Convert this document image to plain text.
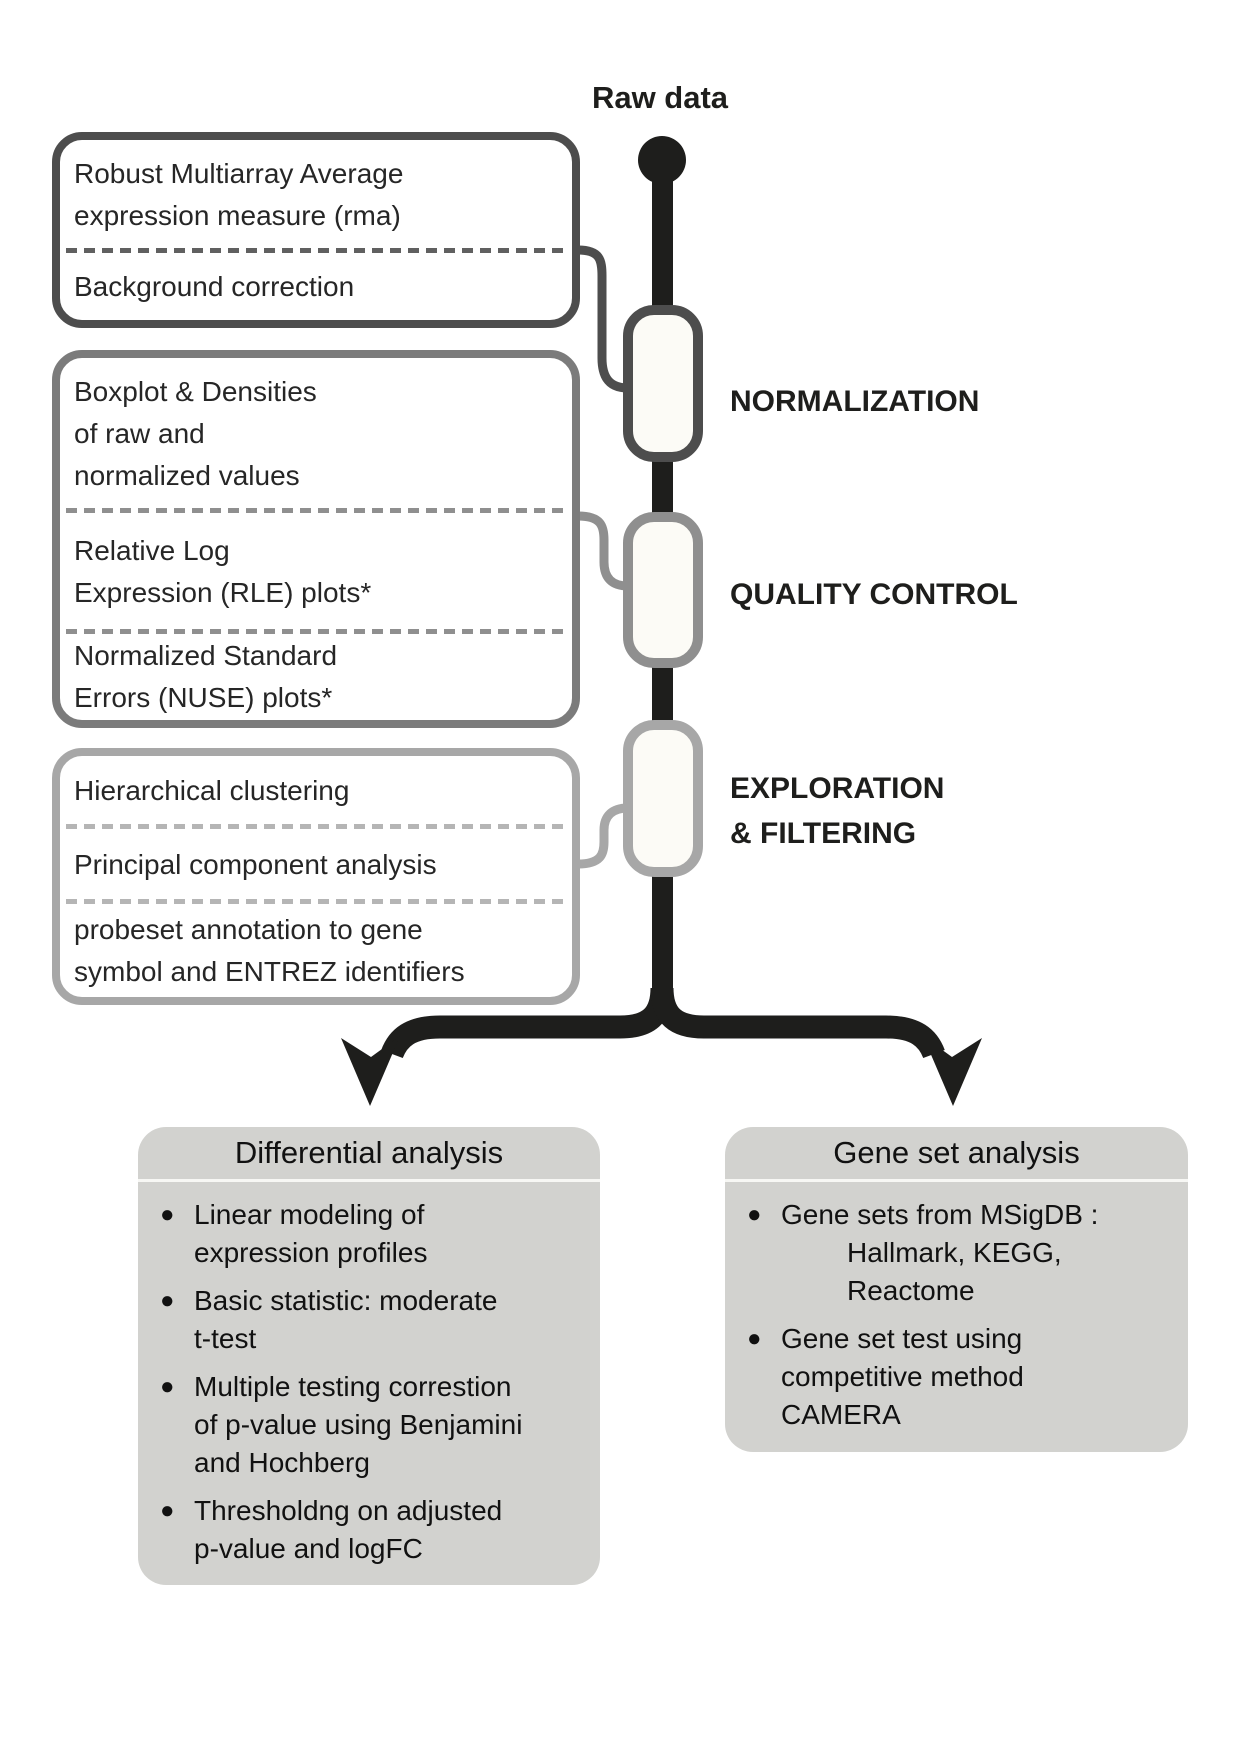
Raw data
NORMALIZATION
QUALITY CONTROL
EXPLORATION
& FILTERING
Robust Multiarray Average
expression measure (rma)
Background correction
Boxplot & Densities
of raw and
normalized values
Relative Log
Expression (RLE) plots*
Normalized Standard
Errors (NUSE) plots*
Hierarchical clustering
Principal component analysis
probeset annotation to gene
symbol and ENTREZ identifiers
Differential analysis
● Linear modeling of
expression profiles
● Basic statistic: moderate
t-test
● Multiple testing correstion
of p-value using Benjamini
and Hochberg
● Thresholdng on adjusted
p-value and logFC
Gene set analysis
● Gene sets from MSigDB :
Hallmark, KEGG,
Reactome
● Gene set test using
competitive method
CAMERA
